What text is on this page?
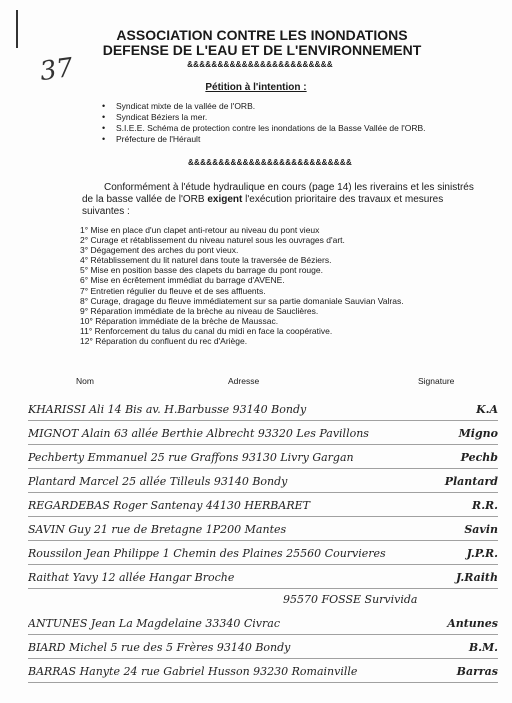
37
ASSOCIATION CONTRE LES INONDATIONS
DEFENSE DE L'EAU ET DE L'ENVIRONNEMENT
&&&&&&&&&&&&&&&&&&&&&&&&
Pétition à l'intention :
• Syndicat mixte de la vallée de l'ORB.
• Syndicat Béziers la mer.
• S.I.E.E. Schéma de protection contre les inondations de la Basse Vallée de l'ORB.
• Préfecture de l'Hérault
&&&&&&&&&&&&&&&&&&&&&&&&&&&
Conformément à l'étude hydraulique en cours (page 14) les riverains et les sinistrés de la basse vallée de l'ORB exigent l'exécution prioritaire des travaux et mesures suivantes :
1° Mise en place d'un clapet anti-retour au niveau du pont vieux
2° Curage et rétablissement du niveau naturel sous les ouvrages d'art.
3° Dégagement des arches du pont vieux.
4° Rétablissement du lit naturel dans toute la traversée de Béziers.
5° Mise en position basse des clapets du barrage du pont rouge.
6° Mise en écrêtement immédiat du barrage d'AVENE.
7° Entretien régulier du fleuve et de ses affluents.
8° Curage, dragage du fleuve immédiatement sur sa partie domaniale Sauvian Valras.
9° Réparation immédiate de la brèche au niveau de Sauclières.
10° Réparation immédiate de la brèche de Maussac.
11° Renforcement du talus du canal du midi en face la coopérative.
12° Réparation du confluent du rec d'Ariège.
Nom	Adresse	Signature
KHARISSI Ali 14 Bis av. H.Barbusse 93140 Bondy	K.A
MIGNOT Alain 63 allée Berthie Albrecht 93320 Les Pavillons	Migno
Pechberty Emmanuel 25 rue Graffons 93130 Livry Gargan	Pechb
Plantard Marcel 25 allée Tilleuls 93140 Bondy	Plantard
REGARDEBAS Roger Santenay 44130 HERBARET	R.R.
SAVIN Guy 21 rue de Bretagne 1P200 Mantes	Savin
Roussilon Jean Philippe 1 Chemin des Plaines 25560 Courvieres	J.P.R.
Raithat Yavy 12 allée Hangar Broche	J.Raith
95570 FOSSE Survivida
ANTUNES Jean La Magdelaine 33340 Civrac	Antunes
BIARD Michel 5 rue des 5 Frères 93140 Bondy	B.M.
BARRAS Hanyte 24 rue Gabriel Husson 93230 Romainville	Barras
